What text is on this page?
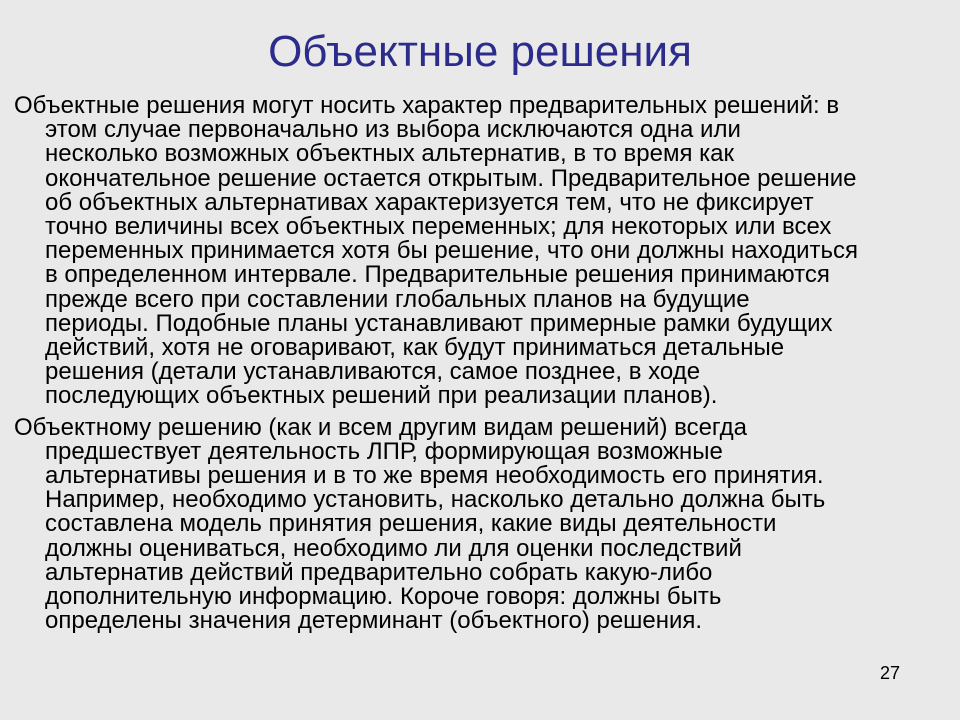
Объектные решения

Объектные решения могут носить характер предварительных решений: в
этом случае первоначально из выбора исключаются одна или
несколько возможных объектных альтернатив, в то время как
окончательное решение остается открытым. Предварительное решение
об объектных альтернативах характеризуется тем, что не фиксирует
точно величины всех объектных переменных; для некоторых или всех
переменных принимается хотя бы решение, что они должны находиться
в определенном интервале. Предварительные решения принимаются
прежде всего при составлении глобальных планов на будущие
периоды. Подобные планы устанавливают примерные рамки будущих
действий, хотя не оговаривают, как будут приниматься детальные
решения (детали устанавливаются, самое позднее, в ходе
последующих объектных решений при реализации планов).

Объектному решению (как и всем другим видам решений) всегда
предшествует деятельность ЛПР, формирующая возможные
альтернативы решения и в то же время необходимость его принятия.
Например, необходимо установить, насколько детально должна быть
составлена модель принятия решения, какие виды деятельности
должны оцениваться, необходимо ли для оценки последствий
альтернатив действий предварительно собрать какую-либо
дополнительную информацию. Короче говоря: должны быть
определены значения детерминант (объектного) решения.

27
